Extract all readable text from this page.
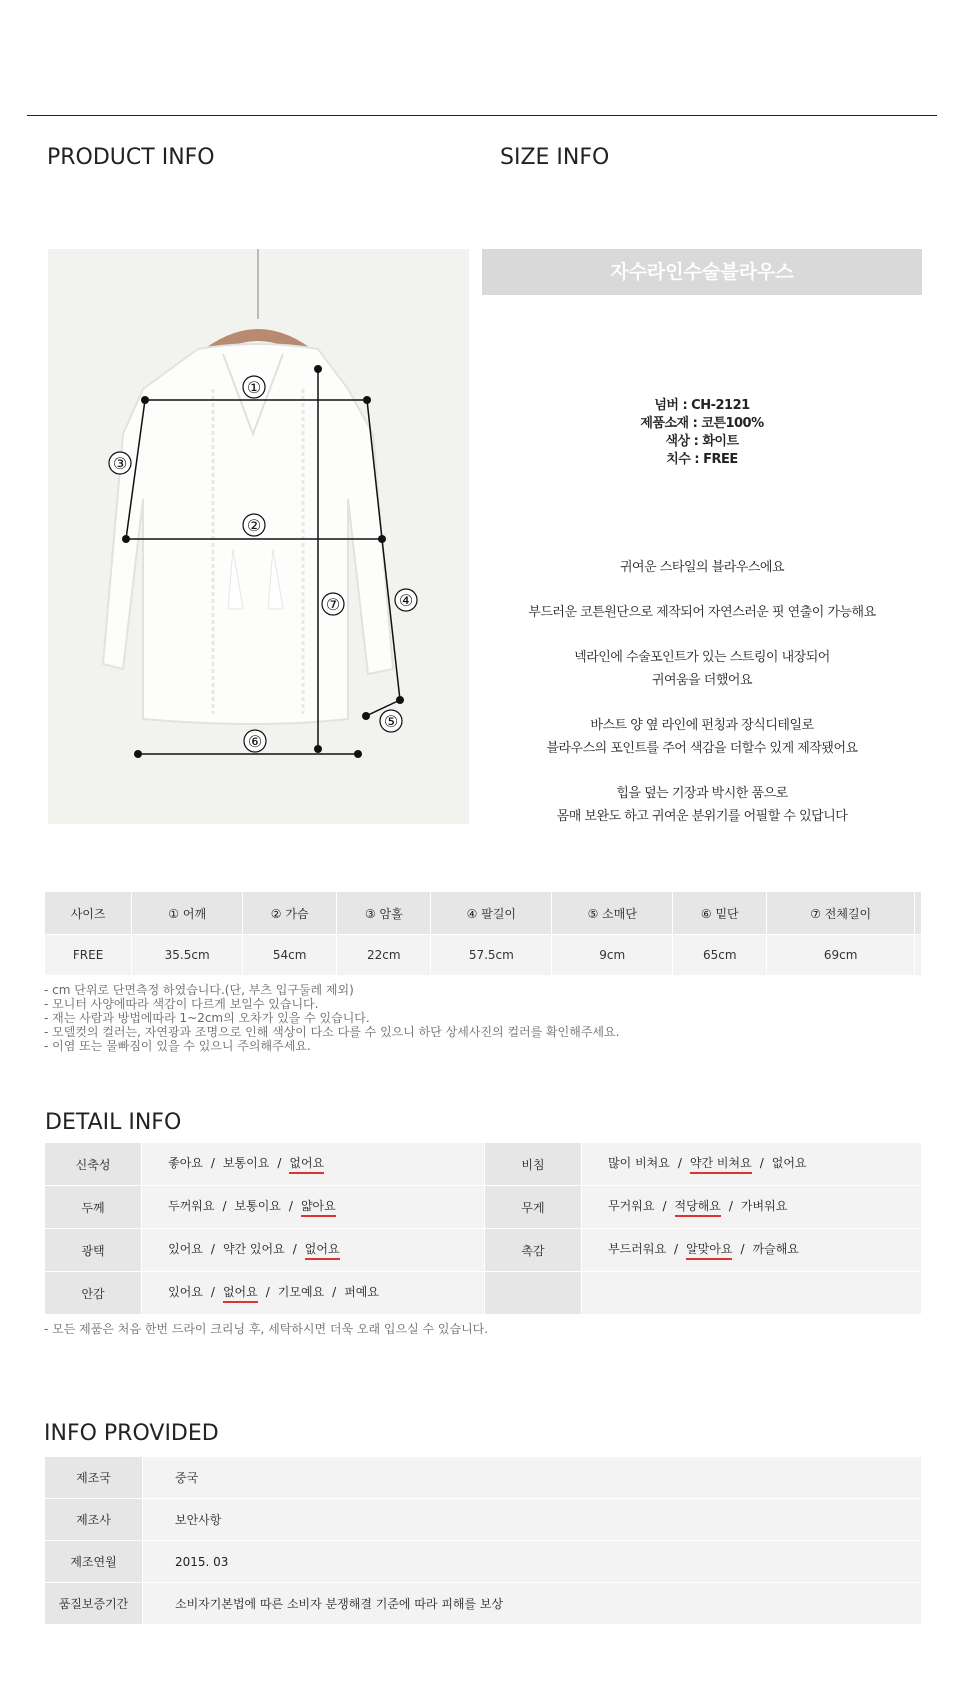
PRODUCT INFO	SIZE INFO
①
②
③
④
⑤
⑥
⑦
자수라인수술블라우스
넘버 : CH-2121
제품소재 : 코튼100%
색상 : 화이트
치수 : FREE

귀여운 스타일의 블라우스에요

부드러운 코튼원단으로 제작되어 자연스러운 핏 연출이 가능해요

넥라인에 수술포인트가 있는 스트링이 내장되어
귀여움을 더했어요

바스트 양 옆 라인에 펀칭과 장식디테일로
블라우스의 포인트를 주어 색감을 더할수 있게 제작됐어요

힙을 덮는 기장과 박시한 품으로
몸매 보완도 하고 귀여운 분위기를 어필할 수 있답니다

사이즈	① 어깨	② 가슴	③ 암홀	④ 팔길이	⑤ 소매단	⑥ 밑단	⑦ 전체길이	
FREE	35.5cm	54cm	22cm	57.5cm	9cm	65cm	69cm	
- cm 단위로 단면측정 하였습니다.(단, 부츠 입구둘레 제외)
- 모니터 사양에따라 색감이 다르게 보일수 있습니다.
- 재는 사람과 방법에따라 1~2cm의 오차가 있을 수 있습니다.
- 모델컷의 컬러는, 자연광과 조명으로 인해 색상이 다소 다를 수 있으니 하단 상세사진의 컬러를 확인해주세요.
- 이염 또는 물빠짐이 있을 수 있으니 주의해주세요.
DETAIL INFO
신축성	좋아요 / 보통이요 / 없어요	비침	많이 비쳐요 / 약간 비쳐요 / 없어요
두께	두꺼워요 / 보통이요 / 얇아요	무게	무거워요 / 적당해요 / 가벼워요
광택	있어요 / 약간 있어요 / 없어요	촉감	부드러워요 / 알맞아요 / 까슬해요
안감	있어요 / 없어요 / 기모예요 / 퍼예요		
- 모든 제품은 처음 한번 드라이 크리닝 후, 세탁하시면 더욱 오래 입으실 수 있습니다.
INFO PROVIDED
제조국	중국
제조사	보안사항
제조연월	2015. 03
품질보증기간	소비자기본법에 따른 소비자 분쟁해결 기준에 따라 피해를 보상
